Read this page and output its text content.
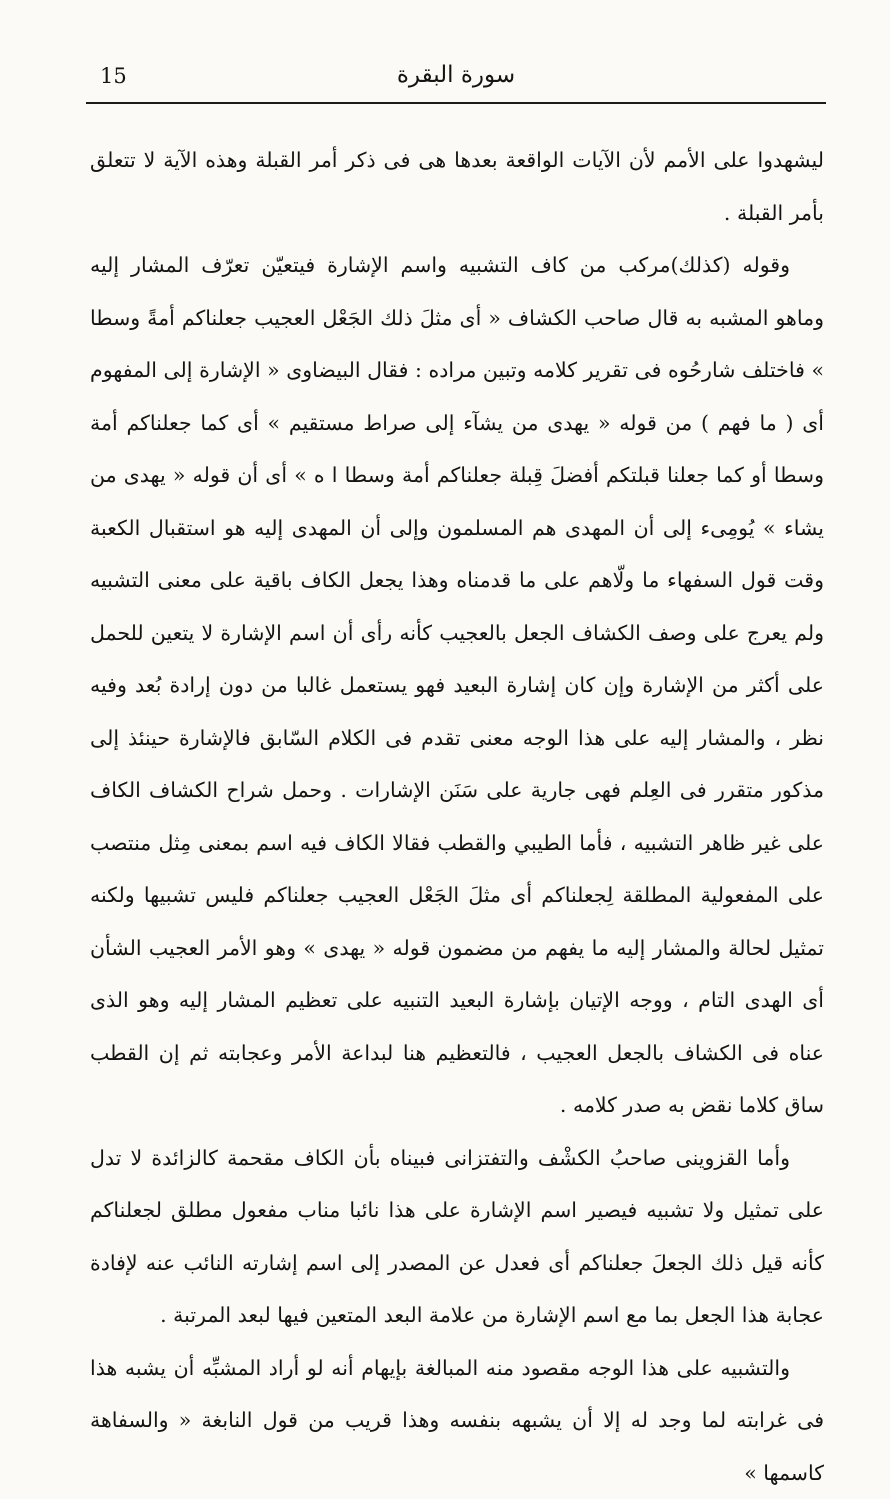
15	سورة البقرة

ليشهدوا على الأمم لأن الآيات الواقعة بعدها هى فى ذكر أمر القبلة وهذه الآية لا تتعلق بأمر القبلة .

وقوله (كذلك)مركب من كاف التشبيه واسم الإشارة فيتعيّن تعرّف المشار إليه وماهو المشبه به قال صاحب الكشاف « أى مثلَ ذلك الجَعْل العجيب جعلناكم أمةً وسطا » فاختلف شارحُوه فى تقرير كلامه وتبين مراده : فقال البيضاوى « الإشارة إلى المفهوم أى ( ما فهم ) من قوله « يهدى من يشآء إلى صراط مستقيم » أى كما جعلناكم أمة وسطا أو كما جعلنا قبلتكم أفضلَ قِبلة جعلناكم أمة وسطا ا ه » أى أن قوله « يهدى من يشاء » يُومِىء إلى أن المهدى هم المسلمون وإلى أن المهدى إليه هو استقبال الكعبة وقت قول السفهاء ما ولّاهم على ما قدمناه وهذا يجعل الكاف باقية على معنى التشبيه ولم يعرج على وصف الكشاف الجعل بالعجيب كأنه رأى أن اسم الإشارة لا يتعين للحمل على أكثر من الإشارة وإن كان إشارة البعيد فهو يستعمل غالبا من دون إرادة بُعد وفيه نظر ، والمشار إليه على هذا الوجه معنى تقدم فى الكلام السّابق فالإشارة حينئذ إلى مذكور متقرر فى العِلم فهى جارية على سَنَن الإشارات . وحمل شراح الكشاف الكاف على غير ظاهر التشبيه ، فأما الطيبي والقطب فقالا الكاف فيه اسم بمعنى مِثل منتصب على المفعولية المطلقة لِجعلناكم أى مثلَ الجَعْل العجيب جعلناكم فليس تشبيها ولكنه تمثيل لحالة والمشار إليه ما يفهم من مضمون قوله « يهدى » وهو الأمر العجيب الشأن أى الهدى التام ، ووجه الإتيان بإشارة البعيد التنبيه على تعظيم المشار إليه وهو الذى عناه فى الكشاف بالجعل العجيب ، فالتعظيم هنا لبداعة الأمر وعجابته ثم إن القطب ساق كلاما نقض به صدر كلامه .

وأما القزوينى صاحبُ الكشْف والتفتزانى فبيناه بأن الكاف مقحمة كالزائدة لا تدل على تمثيل ولا تشبيه فيصير اسم الإشارة على هذا نائبا مناب مفعول مطلق لجعلناكم كأنه قيل ذلك الجعلَ جعلناكم أى فعدل عن المصدر إلى اسم إشارته النائب عنه لإفادة عجابة هذا الجعل بما مع اسم الإشارة من علامة البعد المتعين فيها لبعد المرتبة .

والتشبيه على هذا الوجه مقصود منه المبالغة بإيهام أنه لو أراد المشبِّه أن يشبه هذا فى غرابته لما وجد له إلا أن يشبهه بنفسه وهذا قريب من قول النابغة « والسفاهة كاسمها »
